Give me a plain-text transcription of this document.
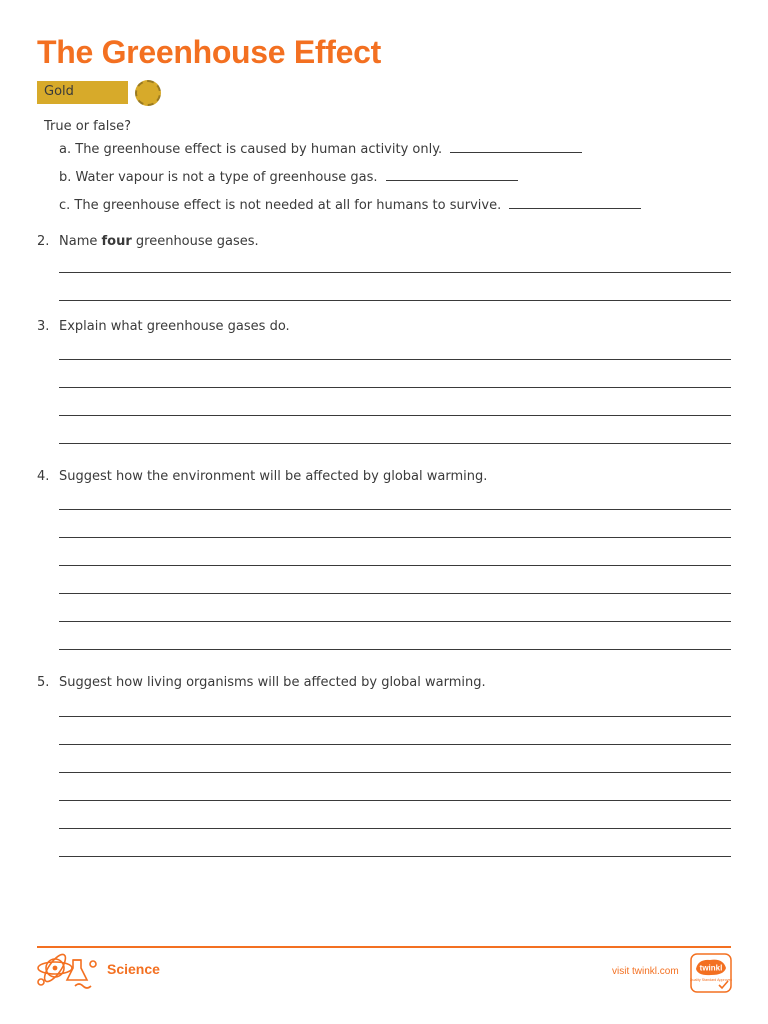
The Greenhouse Effect
Gold
True or false?
a. The greenhouse effect is caused by human activity only.
b. Water vapour is not a type of greenhouse gas.
c. The greenhouse effect is not needed at all for humans to survive.
2. Name four greenhouse gases.
3. Explain what greenhouse gases do.
4. Suggest how the environment will be affected by global warming.
5. Suggest how living organisms will be affected by global warming.
Science	visit twinkl.com	twinkl
Quality Standard Approved
